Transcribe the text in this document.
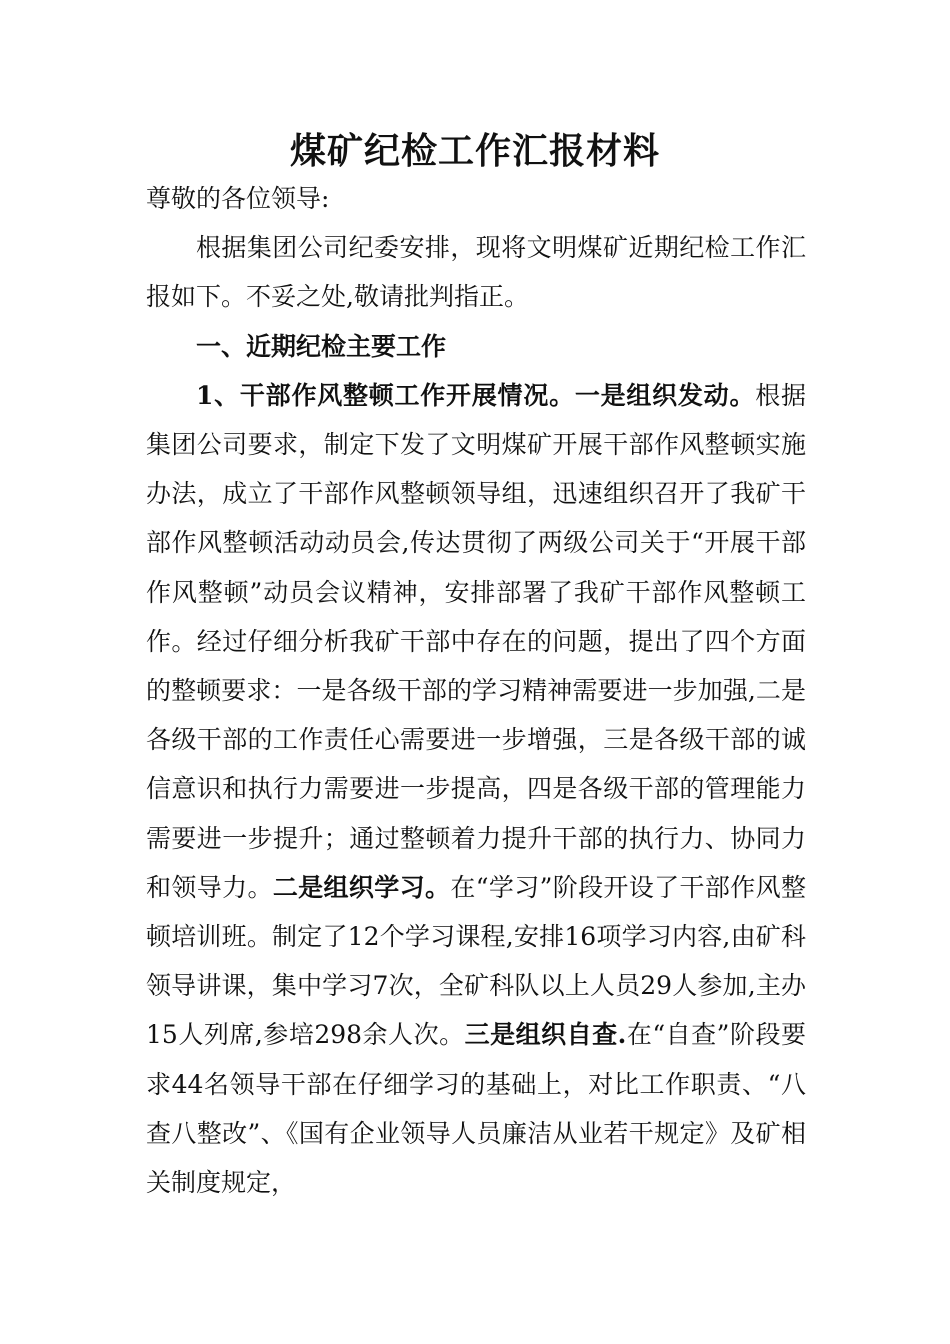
煤矿纪检工作汇报材料

尊敬的各位领导:

根据集团公司纪委安排，现将文明煤矿近期纪检工作汇报如下。不妥之处,敬请批判指正。

一、近期纪检主要工作

1、干部作风整顿工作开展情况。一是组织发动。根据集团公司要求，制定下发了文明煤矿开展干部作风整顿实施办法，成立了干部作风整顿领导组，迅速组织召开了我矿干部作风整顿活动动员会,传达贯彻了两级公司关于“开展干部作风整顿”动员会议精神，安排部署了我矿干部作风整顿工作。经过仔细分析我矿干部中存在的问题，提出了四个方面的整顿要求：一是各级干部的学习精神需要进一步加强,二是各级干部的工作责任心需要进一步增强，三是各级干部的诚信意识和执行力需要进一步提高，四是各级干部的管理能力需要进一步提升；通过整顿着力提升干部的执行力、协同力和领导力。二是组织学习。在“学习”阶段开设了干部作风整顿培训班。制定了12个学习课程,安排16项学习内容,由矿科领导讲课，集中学习7次，全矿科队以上人员29人参加,主办15人列席,参培298余人次。三是组织自查.在“自查”阶段要求44名领导干部在仔细学习的基础上，对比工作职责、“八查八整改”、《国有企业领导人员廉洁从业若干规定》及矿相关制度规定，
